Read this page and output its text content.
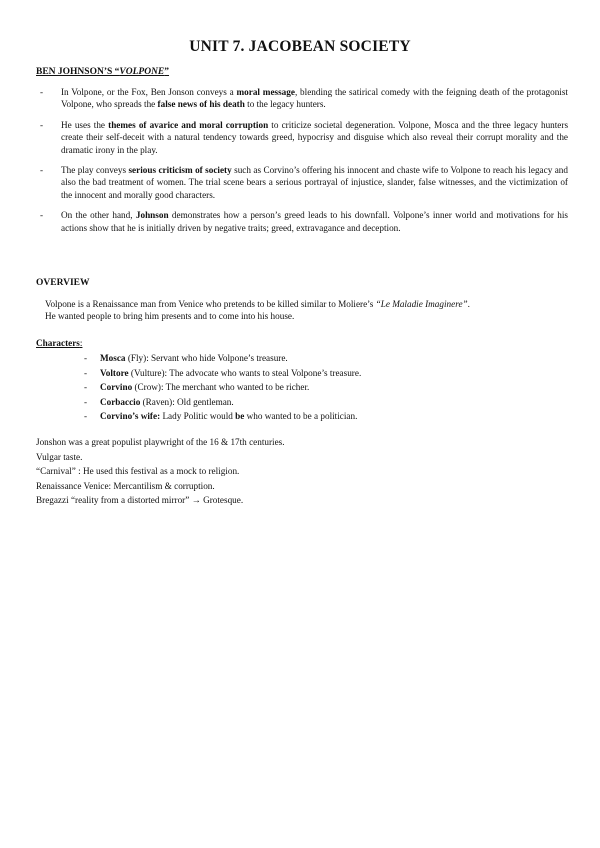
UNIT 7. JACOBEAN SOCIETY
BEN JOHNSON’S “VOLPONE”
-	In Volpone, or the Fox, Ben Jonson conveys a moral message, blending the satirical comedy with the feigning death of the protagonist Volpone, who spreads the false news of his death to the legacy hunters.
-	He uses the themes of avarice and moral corruption to criticize societal degeneration. Volpone, Mosca and the three legacy hunters create their self-deceit with a natural tendency towards greed, hypocrisy and disguise which also reveal their corrupt morality and the dramatic irony in the play.
-	The play conveys serious criticism of society such as Corvino’s offering his innocent and chaste wife to Volpone to reach his legacy and also the bad treatment of women. The trial scene bears a serious portrayal of injustice, slander, false witnesses, and the victimization of the innocent and morally good characters.
-	On the other hand, Johnson demonstrates how a person’s greed leads to his downfall. Volpone’s inner world and motivations for his actions show that he is initially driven by negative traits; greed, extravagance and deception.
OVERVIEW
Volpone is a Renaissance man from Venice who pretends to be killed similar to Moliere’s “Le Maladie Imaginere”.
He wanted people to bring him presents and to come into his house.
Characters:
-	Mosca (Fly): Servant who hide Volpone’s treasure.
-	Voltore (Vulture): The advocate who wants to steal Volpone’s treasure.
-	Corvino (Crow): The merchant who wanted to be richer.
-	Corbaccio (Raven): Old gentleman.
-	Corvino’s wife: Lady Politic would be who wanted to be a politician.
Jonshon was a great populist playwright of the 16 & 17th centuries.
Vulgar taste.
“Carnival” : He used this festival as a mock to religion.
Renaissance Venice: Mercantilism & corruption.
Bregazzi “reality from a distorted mirror” → Grotesque.
